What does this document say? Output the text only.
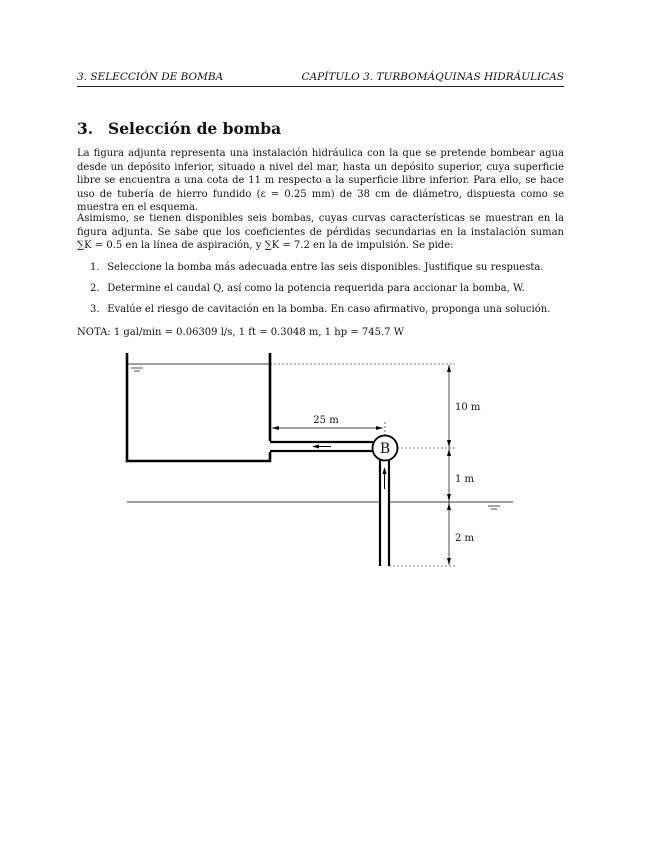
3. SELECCIÓN DE BOMBA	CAPÍTULO 3. TURBOMÁQUINAS HIDRÁULICAS
3. Selección de bomba
La figura adjunta representa una instalación hidráulica con la que se pretende bombear agua desde un depósito inferior, situado a nivel del mar, hasta un depósito superior, cuya superficie libre se encuentra a una cota de 11 m respecto a la superficie libre inferior. Para ello, se hace uso de tubería de hierro fundido (ε = 0.25 mm) de 38 cm de diámetro, dispuesta como se muestra en el esquema.
Asimismo, se tienen disponibles seis bombas, cuyas curvas características se muestran en la figura adjunta. Se sabe que los coeficientes de pérdidas secundarias en la instalación suman ∑K = 0.5 en la línea de aspiración, y ∑K = 7.2 en la de impulsión. Se pide:
1. Seleccione la bomba más adecuada entre las seis disponibles. Justifique su respuesta.
2. Determine el caudal Q, así como la potencia requerida para accionar la bomba, W.
3. Evalúe el riesgo de cavitación en la bomba. En caso afirmativo, proponga una solución.
NOTA: 1 gal/min = 0.06309 l/s, 1 ft = 0.3048 m, 1 hp = 745.7 W
B
25 m
10 m
1 m
2 m
